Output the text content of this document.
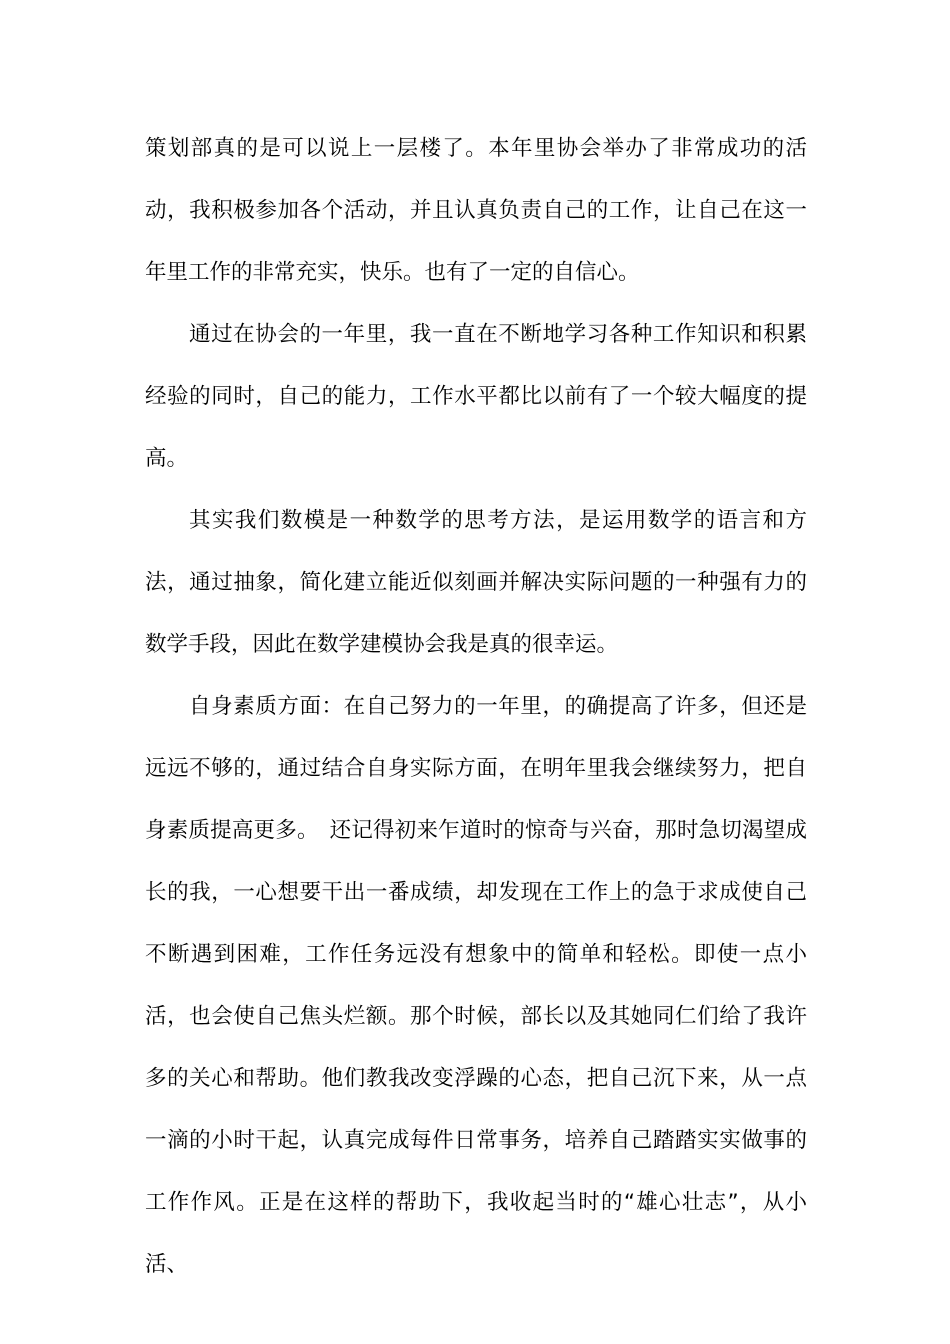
策划部真的是可以说上一层楼了。本年里协会举办了非常成功的活动，我积极参加各个活动，并且认真负责自己的工作，让自己在这一年里工作的非常充实，快乐。也有了一定的自信心。

通过在协会的一年里，我一直在不断地学习各种工作知识和积累经验的同时，自己的能力，工作水平都比以前有了一个较大幅度的提高。

其实我们数模是一种数学的思考方法，是运用数学的语言和方法，通过抽象，简化建立能近似刻画并解决实际问题的一种强有力的数学手段，因此在数学建模协会我是真的很幸运。

自身素质方面：在自己努力的一年里，的确提高了许多，但还是远远不够的，通过结合自身实际方面，在明年里我会继续努力，把自身素质提高更多。　还记得初来乍道时的惊奇与兴奋，那时急切渴望成长的我，一心想要干出一番成绩，却发现在工作上的急于求成使自己不断遇到困难，工作任务远没有想象中的简单和轻松。即使一点小活，也会使自己焦头烂额。那个时候，部长以及其她同仁们给了我许多的关心和帮助。他们教我改变浮躁的心态，把自己沉下来，从一点一滴的小时干起，认真完成每件日常事务，培养自己踏踏实实做事的工作作风。正是在这样的帮助下，我收起当时的“雄心壮志”，从小活、
